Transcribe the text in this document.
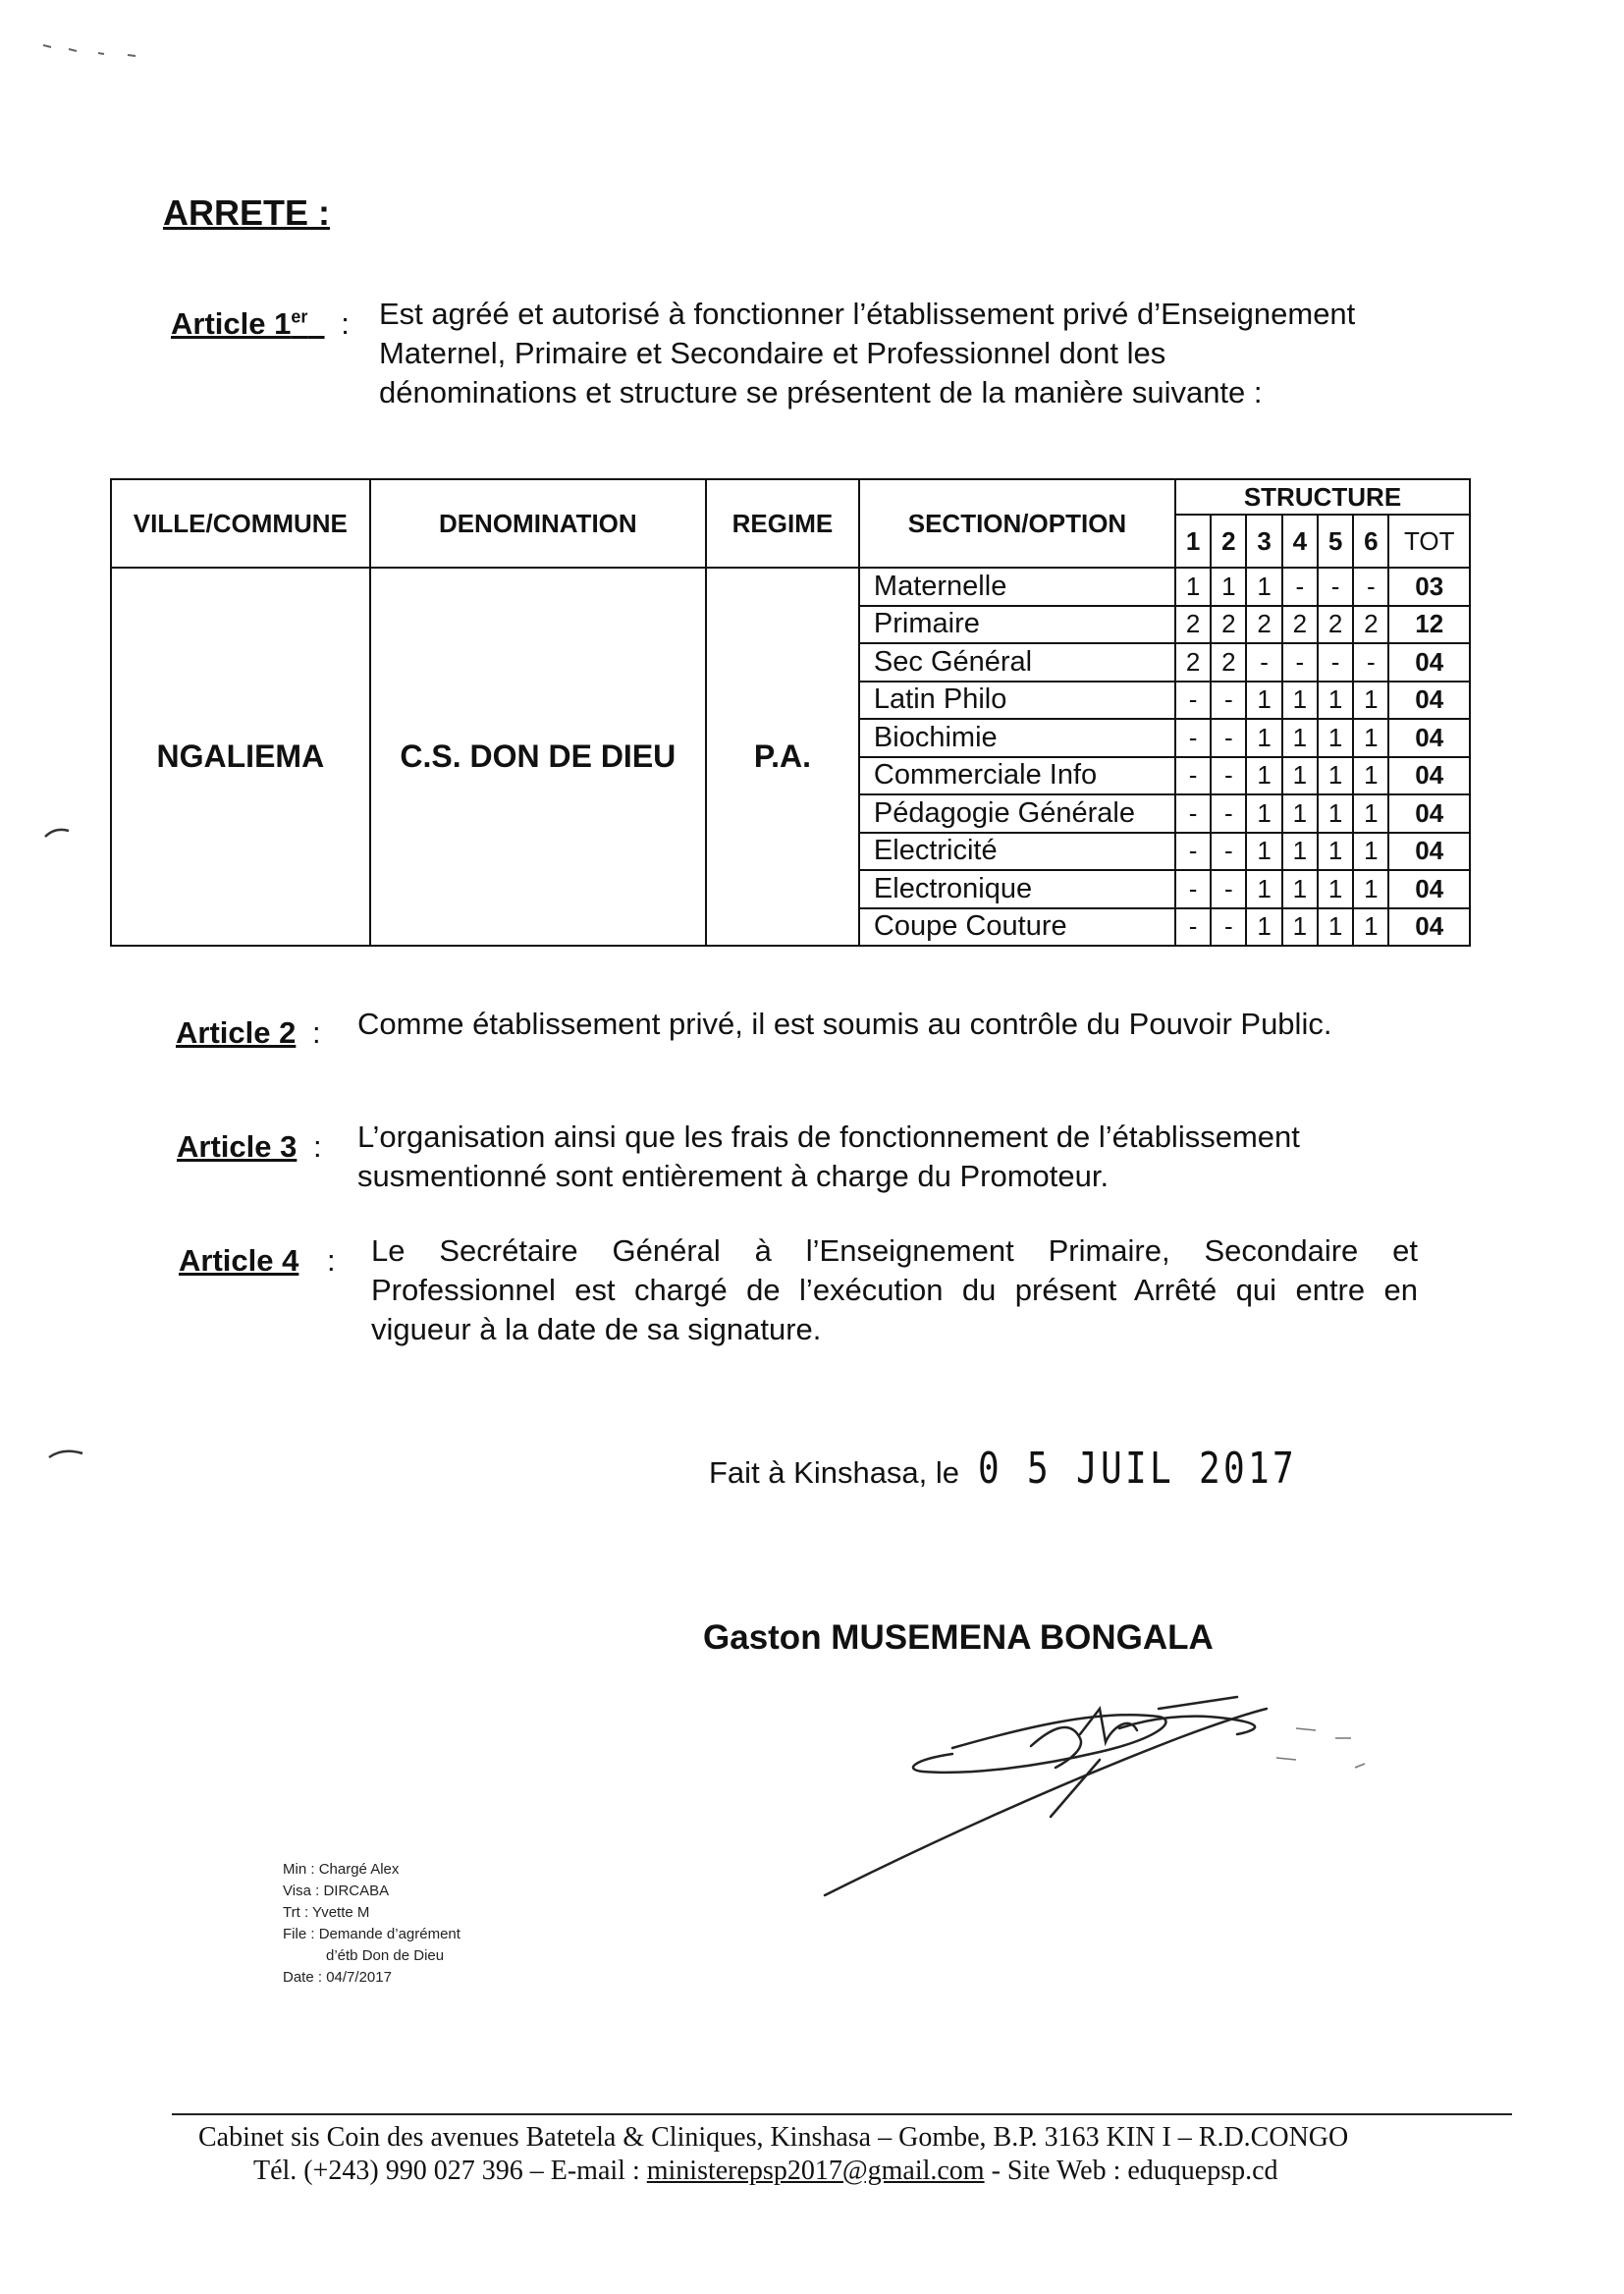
ARRETE :
Article 1er : Est agréé et autorisé à fonctionner l’établissement privé d’Enseignement Maternel, Primaire et Secondaire et Professionnel dont les dénominations et structure se présentent de la manière suivante :
VILLE/COMMUNE	DENOMINATION	REGIME	SECTION/OPTION	STRUCTURE						
				1	2	3	4	5	6	TOT
NGALIEMA	C.S. DON DE DIEU	P.A.	Maternelle	1	1	1	-	-	-	03
			Primaire	2	2	2	2	2	2	12
			Sec Général	2	2	-	-	-	-	04
			Latin Philo	-	-	1	1	1	1	04
			Biochimie	-	-	1	1	1	1	04
			Commerciale Info	-	-	1	1	1	1	04
			Pédagogie Générale	-	-	1	1	1	1	04
			Electricité	-	-	1	1	1	1	04
			Electronique	-	-	1	1	1	1	04
			Coupe Couture	-	-	1	1	1	1	04
Article 2 : Comme établissement privé, il est soumis au contrôle du Pouvoir Public.
Article 3 : L’organisation ainsi que les frais de fonctionnement de l’établissement susmentionné sont entièrement à charge du Promoteur.
Article 4 : Le Secrétaire Général à l’Enseignement Primaire, Secondaire et Professionnel est chargé de l’exécution du présent Arrêté qui entre en vigueur à la date de sa signature.
Fait à Kinshasa, le 0 5 JUIL 2017
Gaston MUSEMENA BONGALA
Min : Chargé Alex
Visa : DIRCABA
Trt : Yvette M
File : Demande d’agrément
d’étb Don de Dieu
Date : 04/7/2017
Cabinet sis Coin des avenues Batetela & Cliniques, Kinshasa – Gombe, B.P. 3163 KIN I – R.D.CONGO
Tél. (+243) 990 027 396 – E-mail : ministerepsp2017@gmail.com - Site Web : eduquepsp.cd
